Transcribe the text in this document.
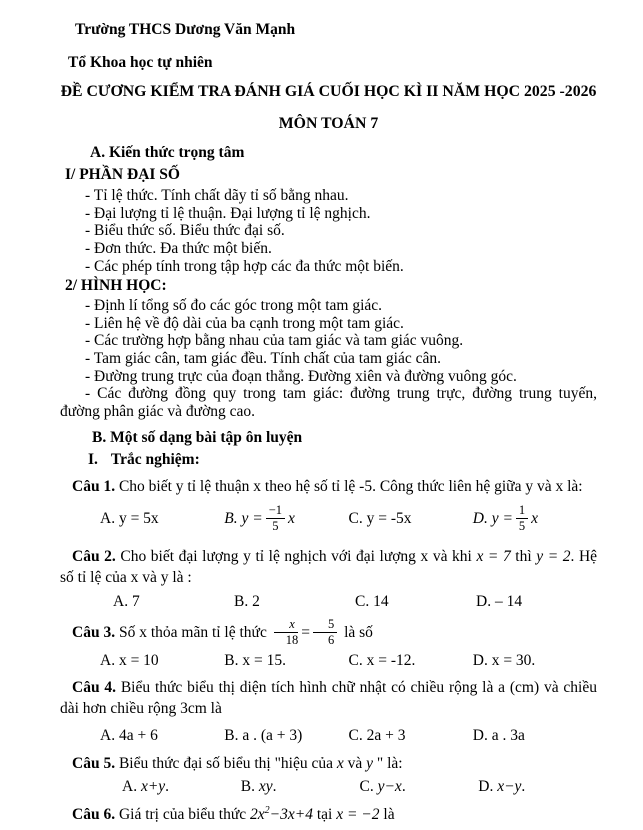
Trường THCS Dương Văn Mạnh

Tổ Khoa học tự nhiên

ĐỀ CƯƠNG KIỂM TRA ĐÁNH GIÁ CUỐI HỌC KÌ II NĂM HỌC 2025 -2026

MÔN TOÁN 7

A. Kiến thức trọng tâm

I/ PHẦN ĐẠI SỐ

- Tỉ lệ thức. Tính chất dãy tỉ số bằng nhau.

- Đại lượng tỉ lệ thuận. Đại lượng tỉ lệ nghịch.

- Biểu thức số. Biểu thức đại số.

- Đơn thức. Đa thức một biến.

- Các phép tính trong tập hợp các đa thức một biến.

2/ HÌNH HỌC:

- Định lí tổng số đo các góc trong một tam giác.

- Liên hệ về độ dài của ba cạnh trong một tam giác.

- Các trường hợp bằng nhau của tam giác và tam giác vuông.

- Tam giác cân, tam giác đều. Tính chất của tam giác cân.

- Đường trung trực của đoạn thẳng. Đường xiên và đường vuông góc.

- Các đường đồng quy trong tam giác: đường trung trực, đường trung tuyến, đường phân giác và đường cao.

B. Một số dạng bài tập ôn luyện

I. Trắc nghiệm:

Câu 1. Cho biết y tỉ lệ thuận x theo hệ số tỉ lệ -5. Công thức liên hệ giữa y và x là:

A. y = 5x	B. $y = \frac{-1}{5}$ x	C. y = -5x	D. $y = \frac{1}{5}$ x

Câu 2. Cho biết đại lượng y tỉ lệ nghịch với đại lượng x và khi x = 7 thì y = 2. Hệ số tỉ lệ của x và y là :

A. 7	B. 2	C. 14	D. – 14

Câu 3. Số x thỏa mãn tỉ lệ thức $\frac{x}{18} = \frac{5}{6}$ là số

A. x = 10	B. x = 15.	C. x = -12.	D. x = 30.

Câu 4. Biểu thức biểu thị diện tích hình chữ nhật có chiều rộng là a (cm) và chiều dài hơn chiều rộng 3cm là

A. 4a + 6	B. a . (a + 3)	C. 2a + 3	D. a . 3a

Câu 5. Biểu thức đại số biểu thị "hiệu của x và y " là:

A. x+y.	B. xy.	C. y−x.	D. x−y.

Câu 6. Giá trị của biểu thức $2x^2-3x+4$ tại x = −2 là
